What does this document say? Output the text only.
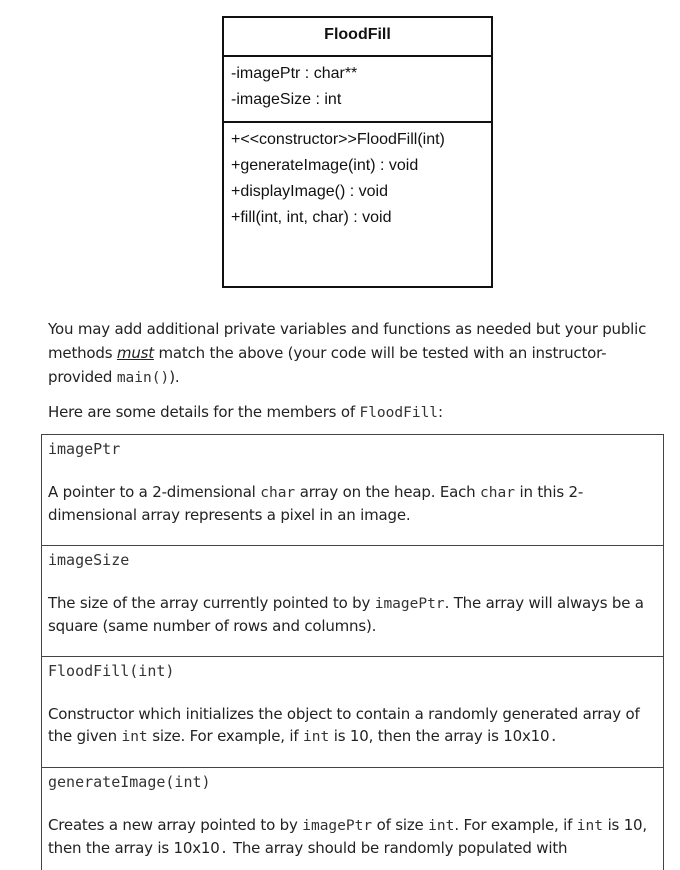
FloodFill
-imagePtr : char**
-imageSize : int
+<<constructor>>FloodFill(int)
+generateImage(int) : void
+displayImage() : void
+fill(int, int, char) : void
You may add additional private variables and functions as needed but your public methods must match the above (your code will be tested with an instructor-provided main()).
Here are some details for the members of FloodFill:
imagePtr
A pointer to a 2-dimensional char array on the heap. Each char in this 2-dimensional array represents a pixel in an image.
imageSize
The size of the array currently pointed to by imagePtr. The array will always be a square (same number of rows and columns).
FloodFill(int)
Constructor which initializes the object to contain a randomly generated array of the given int size. For example, if int is 10, then the array is 10x10.
generateImage(int)
Creates a new array pointed to by imagePtr of size int. For example, if int is 10, then the array is 10x10. The array should be randomly populated with
